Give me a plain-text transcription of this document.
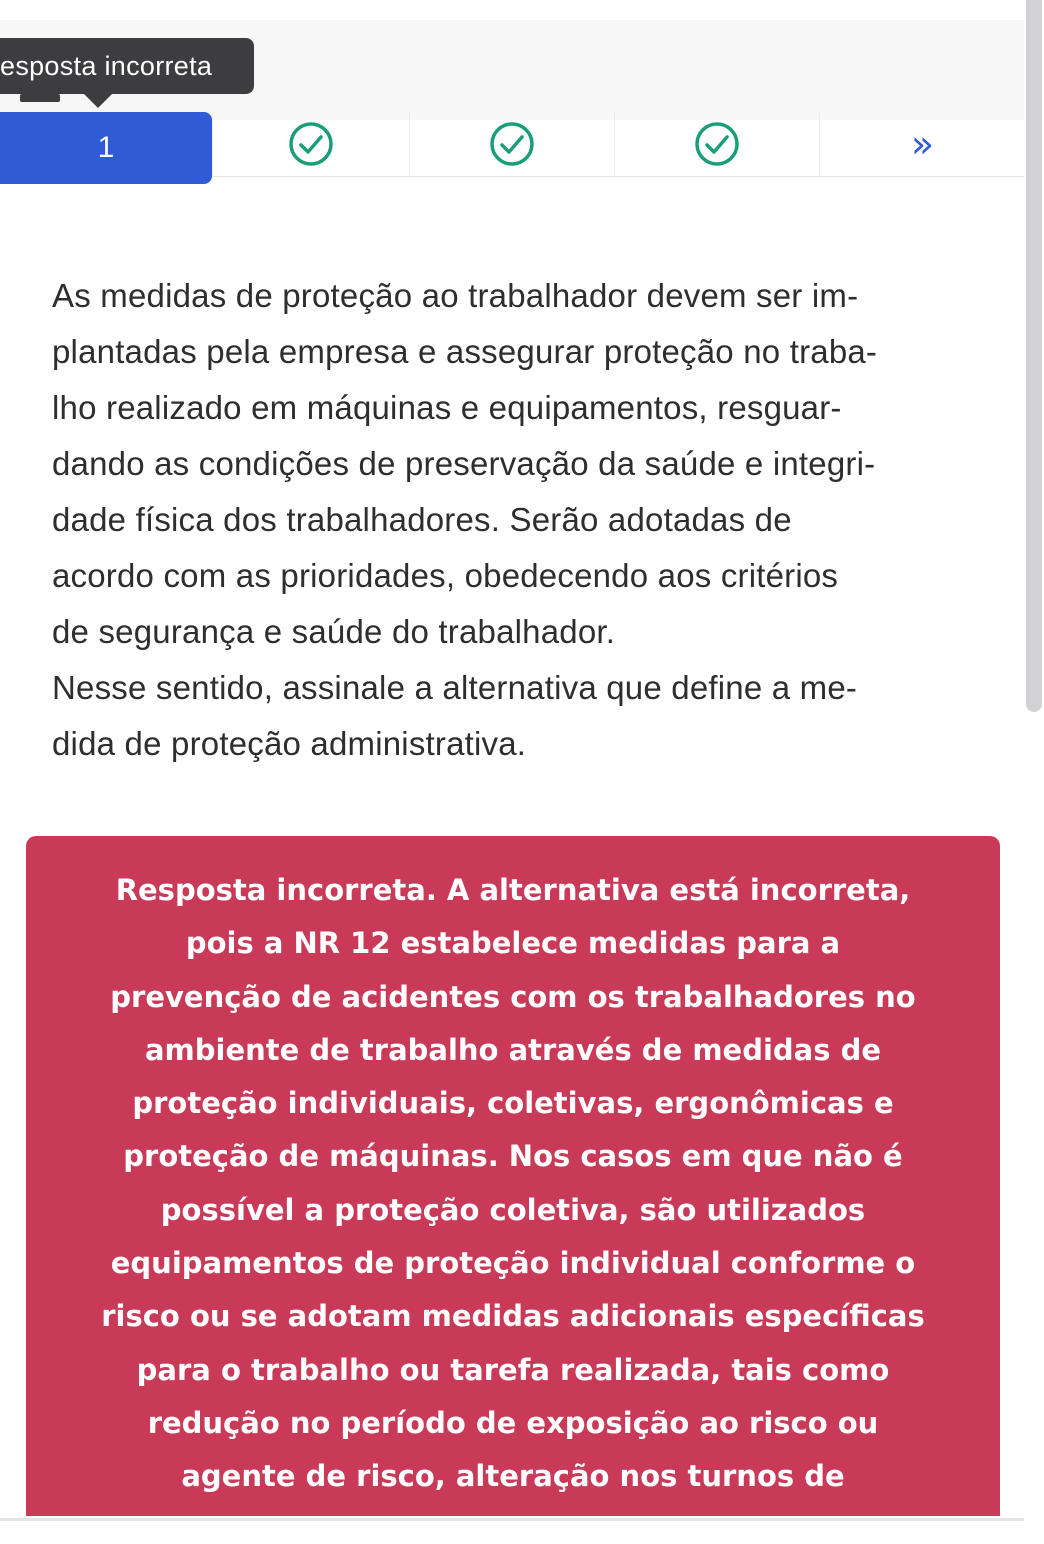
esposta incorreta
1	»

As medidas de proteção ao trabalhador devem ser im-

plantadas pela empresa e assegurar proteção no traba-

lho realizado em máquinas e equipamentos, resguar-

dando as condições de preservação da saúde e integri-

dade física dos trabalhadores. Serão adotadas de

acordo com as prioridades, obedecendo aos critérios

de segurança e saúde do trabalhador.

Nesse sentido, assinale a alternativa que define a me-

dida de proteção administrativa.

Resposta incorreta. A alternativa está incorreta, pois a NR 12 estabelece medidas para a prevenção de acidentes com os trabalhadores no ambiente de trabalho através de medidas de proteção individuais, coletivas, ergonômicas e proteção de máquinas. Nos casos em que não é possível a proteção coletiva, são utilizados equipamentos de proteção individual conforme o risco ou se adotam medidas adicionais específicas para o trabalho ou tarefa realizada, tais como redução no período de exposição ao risco ou agente de risco, alteração nos turnos de
